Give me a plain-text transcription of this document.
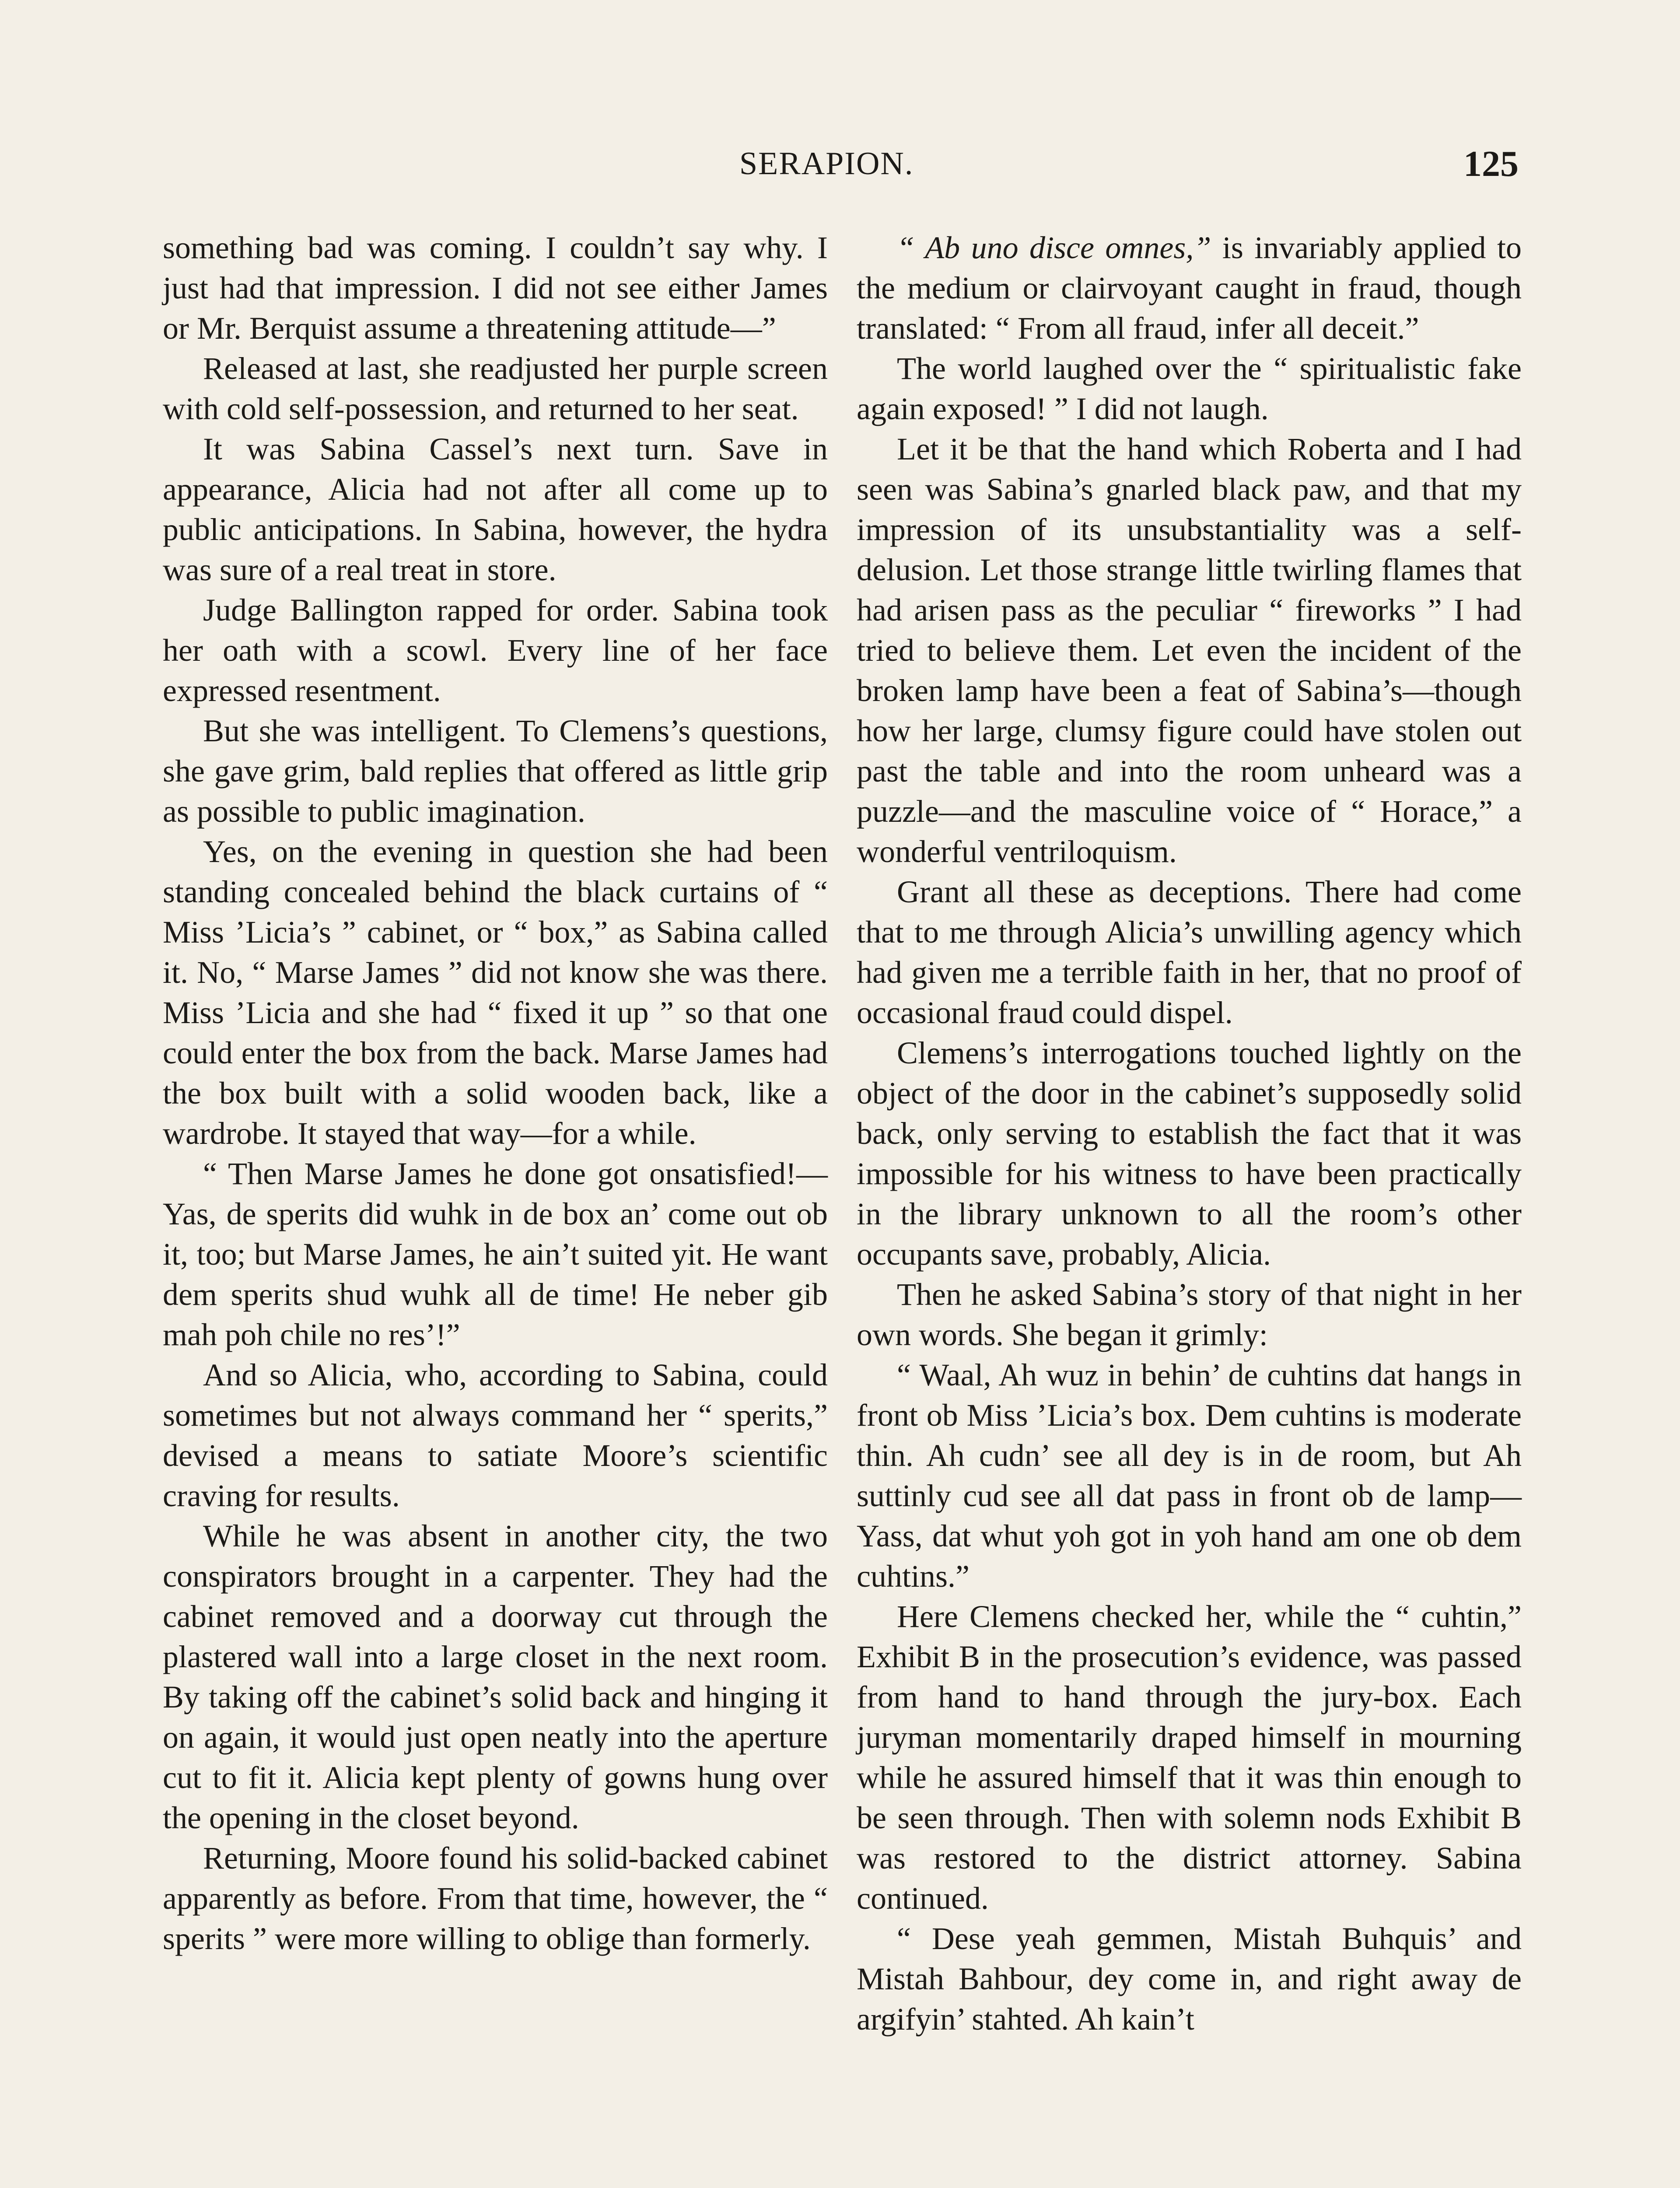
SERAPION.	125

something bad was coming. I couldn’t say why. I just had that impression. I did not see either James or Mr. Berquist assume a threatening attitude—”

Released at last, she readjusted her purple screen with cold self-possession, and returned to her seat.

It was Sabina Cassel’s next turn. Save in appearance, Alicia had not after all come up to public anticipations. In Sabina, however, the hydra was sure of a real treat in store.

Judge Ballington rapped for order. Sabina took her oath with a scowl. Every line of her face expressed resentment.

But she was intelligent. To Clemens’s questions, she gave grim, bald replies that offered as little grip as possible to public imagination.

Yes, on the evening in question she had been standing concealed behind the black curtains of “ Miss ’Licia’s ” cabinet, or “ box,” as Sabina called it. No, “ Marse James ” did not know she was there. Miss ’Licia and she had “ fixed it up ” so that one could enter the box from the back. Marse James had the box built with a solid wooden back, like a wardrobe. It stayed that way—for a while.

“ Then Marse James he done got onsatisfied!—Yas, de sperits did wuhk in de box an’ come out ob it, too; but Marse James, he ain’t suited yit. He want dem sperits shud wuhk all de time! He neber gib mah poh chile no res’!”

And so Alicia, who, according to Sabina, could sometimes but not always command her “ sperits,” devised a means to satiate Moore’s scientific craving for results.

While he was absent in another city, the two conspirators brought in a carpenter. They had the cabinet removed and a doorway cut through the plastered wall into a large closet in the next room. By taking off the cabinet’s solid back and hinging it on again, it would just open neatly into the aperture cut to fit it. Alicia kept plenty of gowns hung over the opening in the closet beyond.

Returning, Moore found his solid-backed cabinet apparently as before. From that time, however, the “ sperits ” were more willing to oblige than formerly.

“ Ab uno disce omnes,” is invariably applied to the medium or clairvoyant caught in fraud, though translated: “ From all fraud, infer all deceit.”

The world laughed over the “ spiritualistic fake again exposed! ” I did not laugh.

Let it be that the hand which Roberta and I had seen was Sabina’s gnarled black paw, and that my impression of its unsubstantiality was a self-delusion. Let those strange little twirling flames that had arisen pass as the peculiar “ fireworks ” I had tried to believe them. Let even the incident of the broken lamp have been a feat of Sabina’s—though how her large, clumsy figure could have stolen out past the table and into the room unheard was a puzzle—and the masculine voice of “ Horace,” a wonderful ventriloquism.

Grant all these as deceptions. There had come that to me through Alicia’s unwilling agency which had given me a terrible faith in her, that no proof of occasional fraud could dispel.

Clemens’s interrogations touched lightly on the object of the door in the cabinet’s supposedly solid back, only serving to establish the fact that it was impossible for his witness to have been practically in the library unknown to all the room’s other occupants save, probably, Alicia.

Then he asked Sabina’s story of that night in her own words. She began it grimly:

“ Waal, Ah wuz in behin’ de cuhtins dat hangs in front ob Miss ’Licia’s box. Dem cuhtins is moderate thin. Ah cudn’ see all dey is in de room, but Ah suttinly cud see all dat pass in front ob de lamp— Yass, dat whut yoh got in yoh hand am one ob dem cuhtins.”

Here Clemens checked her, while the “ cuhtin,” Exhibit B in the prosecution’s evidence, was passed from hand to hand through the jury-box. Each juryman momentarily draped himself in mourning while he assured himself that it was thin enough to be seen through. Then with solemn nods Exhibit B was restored to the district attorney. Sabina continued.

“ Dese yeah gemmen, Mistah Buhquis’ and Mistah Bahbour, dey come in, and right away de argifyin’ stahted. Ah kain’t
